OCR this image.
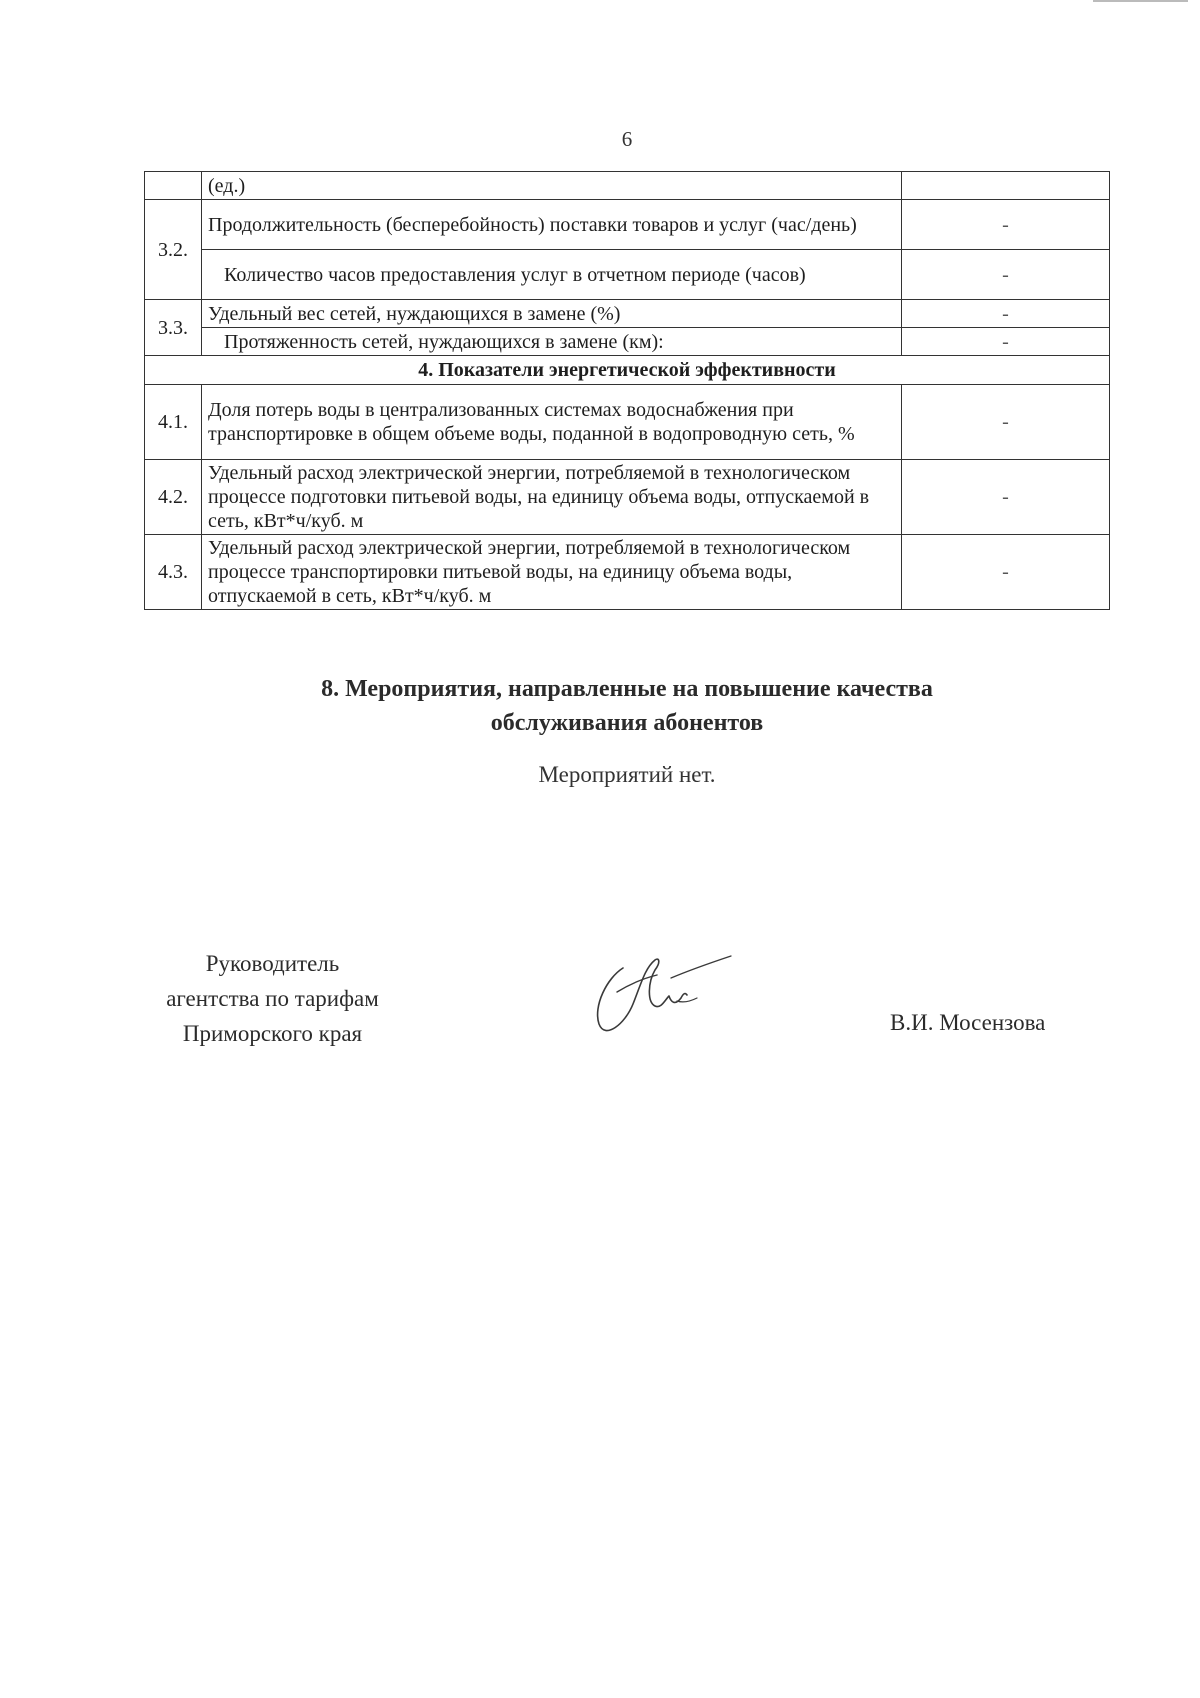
6
	(ед.)	
3.2.	Продолжительность (бесперебойность) поставки товаров и услуг (час/день)	-
	Количество часов предоставления услуг в отчетном периоде (часов)	-
3.3.	Удельный вес сетей, нуждающихся в замене (%)	-
	Протяженность сетей, нуждающихся в замене (км):	-
4. Показатели энергетической эффективности		
4.1.	Доля потерь воды в централизованных системах водоснабжения при транспортировке в общем объеме воды, поданной в водопроводную сеть, %	-
4.2.	Удельный расход электрической энергии, потребляемой в технологическом процессе подготовки питьевой воды, на единицу объема воды, отпускаемой в сеть, кВт*ч/куб. м	-
4.3.	Удельный расход электрической энергии, потребляемой в технологическом процессе транспортировки питьевой воды, на единицу объема воды, отпускаемой в сеть, кВт*ч/куб. м	-
8. Мероприятия, направленные на повышение качества
обслуживания абонентов
Мероприятий нет.
Руководитель
агентства по тарифам
Приморского края	В.И. Мосензова
